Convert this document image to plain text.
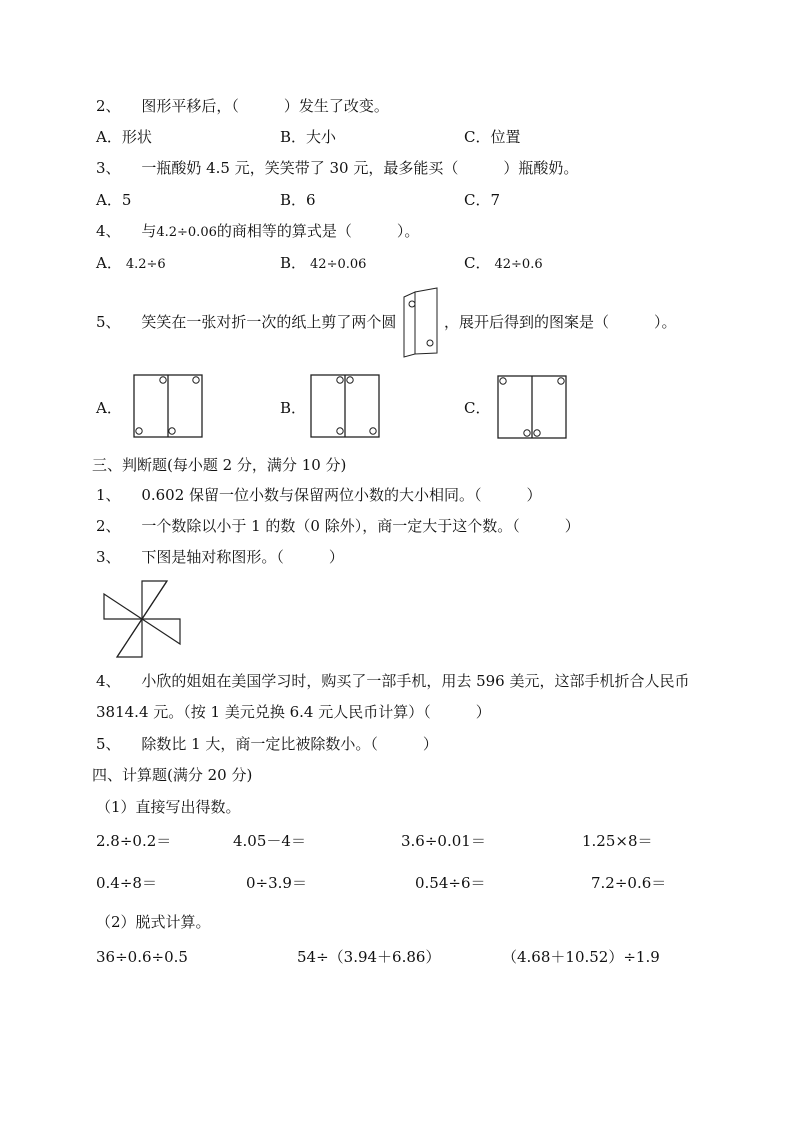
2、 图形平移后，（　　　）发生了改变。
A．形状	B．大小	C．位置
3、 一瓶酸奶 4.5 元，笑笑带了 30 元，最多能买（　　　）瓶酸奶。
A．5	B．6	C．7
4、 与4.2÷0.06的商相等的算式是（　　　）。
A． 4.2÷6	B． 42÷0.06	C． 42÷0.6
5、 笑笑在一张对折一次的纸上剪了两个圆	，展开后得到的图案是（　　　）。
A．	B．	C．
三、判断题(每小题 2 分，满分 10 分)
1、 0.602 保留一位小数与保留两位小数的大小相同。（　　　）
2、 一个数除以小于 1 的数（0 除外），商一定大于这个数。（　　　）
3、 下图是轴对称图形。（　　　）
4、 小欣的姐姐在美国学习时，购买了一部手机，用去 596 美元，这部手机折合人民币
3814.4 元。（按 1 美元兑换 6.4 元人民币计算）（　　　）
5、 除数比 1 大，商一定比被除数小。（　　　）
四、计算题(满分 20 分)
（1）直接写出得数。
2.8÷0.2＝	4.05－4＝	3.6÷0.01＝	1.25×8＝
0.4÷8＝	0÷3.9＝	0.54÷6＝	7.2÷0.6＝
（2）脱式计算。
36÷0.6÷0.5	54÷（3.94＋6.86）	（4.68＋10.52）÷1.9
